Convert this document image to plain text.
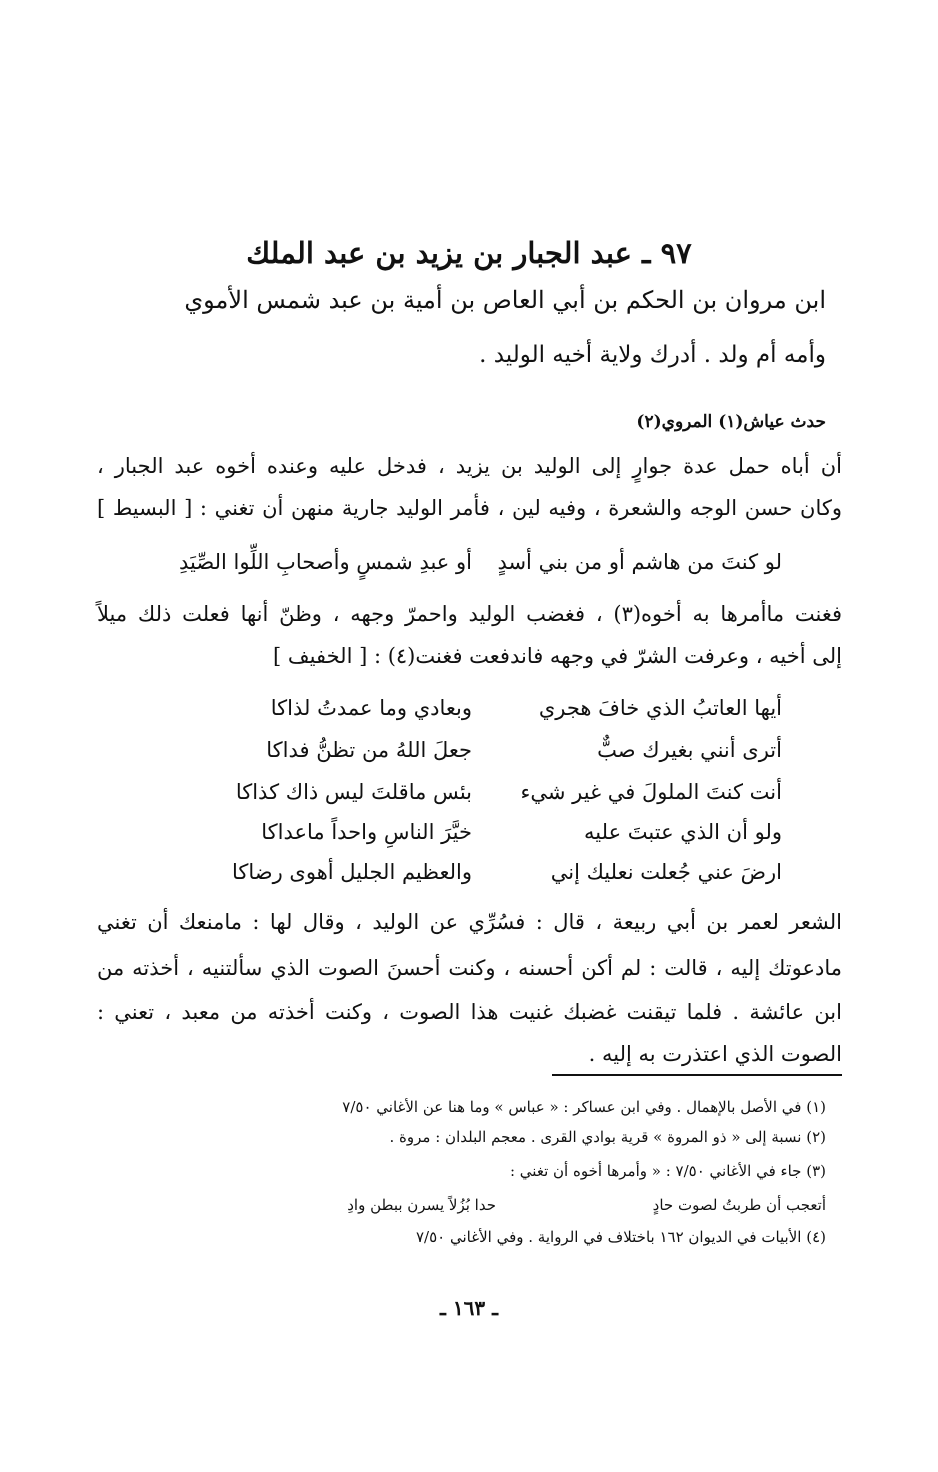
٩٧ ـ عبد الجبار بن يزيد بن عبد الملك
ابن مروان بن الحكم بن أبي العاص بن أمية بن عبد شمس الأموي
وأمه أم ولد . أدرك ولاية أخيه الوليد .
حدث عياش(١) المروي(٢)
أن أباه حمل عدة جوارٍ إلى الوليد بن يزيد ، فدخل عليه وعنده أخوه عبد الجبار ،
وكان حسن الوجه والشعرة ، وفيه لين ، فأمر الوليد جارية منهن أن تغني : [ البسيط ]
لو كنتَ من هاشم أو من بني أسدٍ
أو عبدِ شمسٍ وأصحابِ اللِّوا الصِّيَدِ
فغنت ماأمرها به أخوه(٣) ، فغضب الوليد واحمرّ وجهه ، وظنّ أنها فعلت ذلك ميلاً
إلى أخيه ، وعرفت الشرّ في وجهه فاندفعت فغنت(٤) : [ الخفيف ]
أيها العاتبُ الذي خافَ هجري
وبعادي وما عمدتُ لذاكا
أترى أنني بغيرك صبٌّ
جعلَ اللهُ من تظنُّ فداكا
أنت كنتَ الملولَ في غير شيء
بئس ماقلتَ ليس ذاك كذاكا
ولو أن الذي عتبتَ عليه
خيَّرَ الناسِ واحداً ماعداكا
ارضَ عني جُعلت نعليك إني
والعظيم الجليل أهوى رضاكا
الشعر لعمر بن أبي ربيعة ، قال : فسُرِّي عن الوليد ، وقال لها : مامنعك أن تغني
مادعوتك إليه ، قالت : لم أكن أحسنه ، وكنت أحسنَ الصوت الذي سألتنيه ، أخذته من
ابن عائشة . فلما تيقنت غضبك غنيت هذا الصوت ، وكنت أخذته من معبد ، تعني :
الصوت الذي اعتذرت به إليه .
(١) في الأصل بالإهمال . وفي ابن عساكر : « عباس » وما هنا عن الأغاني ٧/٥٠
(٢) نسبة إلى « ذو المروة » قرية بوادي القرى . معجم البلدان : مروة .
(٣) جاء في الأغاني ٧/٥٠ : « وأمرها أخوه أن تغني :
أتعجب أن طربتُ لصوت حادٍ
حدا بُزُلاً يسرن ببطن وادِ
(٤) الأبيات في الديوان ١٦٢ باختلاف في الرواية . وفي الأغاني ٧/٥٠
ـ ١٦٣ ـ
